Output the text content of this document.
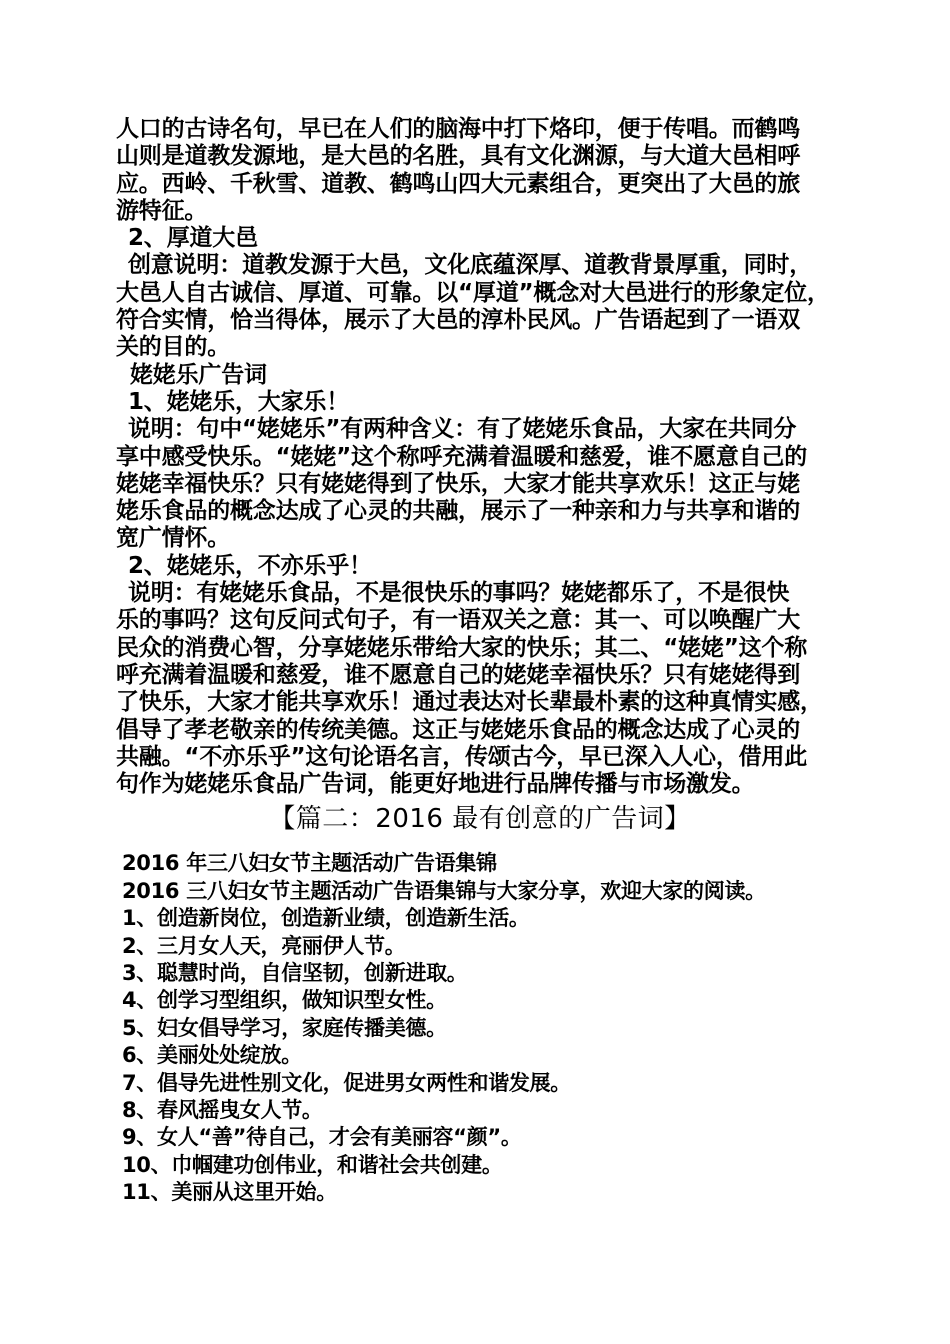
人口的古诗名句，早已在人们的脑海中打下烙印，便于传唱。而鹤鸣

山则是道教发源地，是大邑的名胜，具有文化渊源，与大道大邑相呼

应。西岭、千秋雪、道教、鹤鸣山四大元素组合，更突出了大邑的旅

游特征。

2、厚道大邑

创意说明：道教发源于大邑，文化底蕴深厚、道教背景厚重，同时，

大邑人自古诚信、厚道、可靠。以“厚道”概念对大邑进行的形象定位，

符合实情，恰当得体，展示了大邑的淳朴民风。广告语起到了一语双

关的目的。

姥姥乐广告词

1、姥姥乐，大家乐！

说明：句中“姥姥乐”有两种含义：有了姥姥乐食品，大家在共同分

享中感受快乐。“姥姥”这个称呼充满着温暖和慈爱，谁不愿意自己的

姥姥幸福快乐？只有姥姥得到了快乐，大家才能共享欢乐！这正与姥

姥乐食品的概念达成了心灵的共融，展示了一种亲和力与共享和谐的

宽广情怀。

2、姥姥乐，不亦乐乎！

说明：有姥姥乐食品，不是很快乐的事吗？姥姥都乐了，不是很快

乐的事吗？这句反问式句子，有一语双关之意：其一、可以唤醒广大

民众的消费心智，分享姥姥乐带给大家的快乐；其二、“姥姥”这个称

呼充满着温暖和慈爱，谁不愿意自己的姥姥幸福快乐？只有姥姥得到

了快乐，大家才能共享欢乐！通过表达对长辈最朴素的这种真情实感，

倡导了孝老敬亲的传统美德。这正与姥姥乐食品的概念达成了心灵的

共融。“不亦乐乎”这句论语名言，传颂古今，早已深入人心，借用此

句作为姥姥乐食品广告词，能更好地进行品牌传播与市场激发。

【篇二：2016 最有创意的广告词】

2016 年三八妇女节主题活动广告语集锦

2016 三八妇女节主题活动广告语集锦与大家分享，欢迎大家的阅读。

1、创造新岗位，创造新业绩，创造新生活。

2、三月女人天，亮丽伊人节。

3、聪慧时尚，自信坚韧，创新进取。

4、创学习型组织，做知识型女性。

5、妇女倡导学习，家庭传播美德。

6、美丽处处绽放。

7、倡导先进性别文化，促进男女两性和谐发展。

8、春风摇曳女人节。

9、女人“善”待自己，才会有美丽容“颜”。

10、巾帼建功创伟业，和谐社会共创建。

11、美丽从这里开始。
